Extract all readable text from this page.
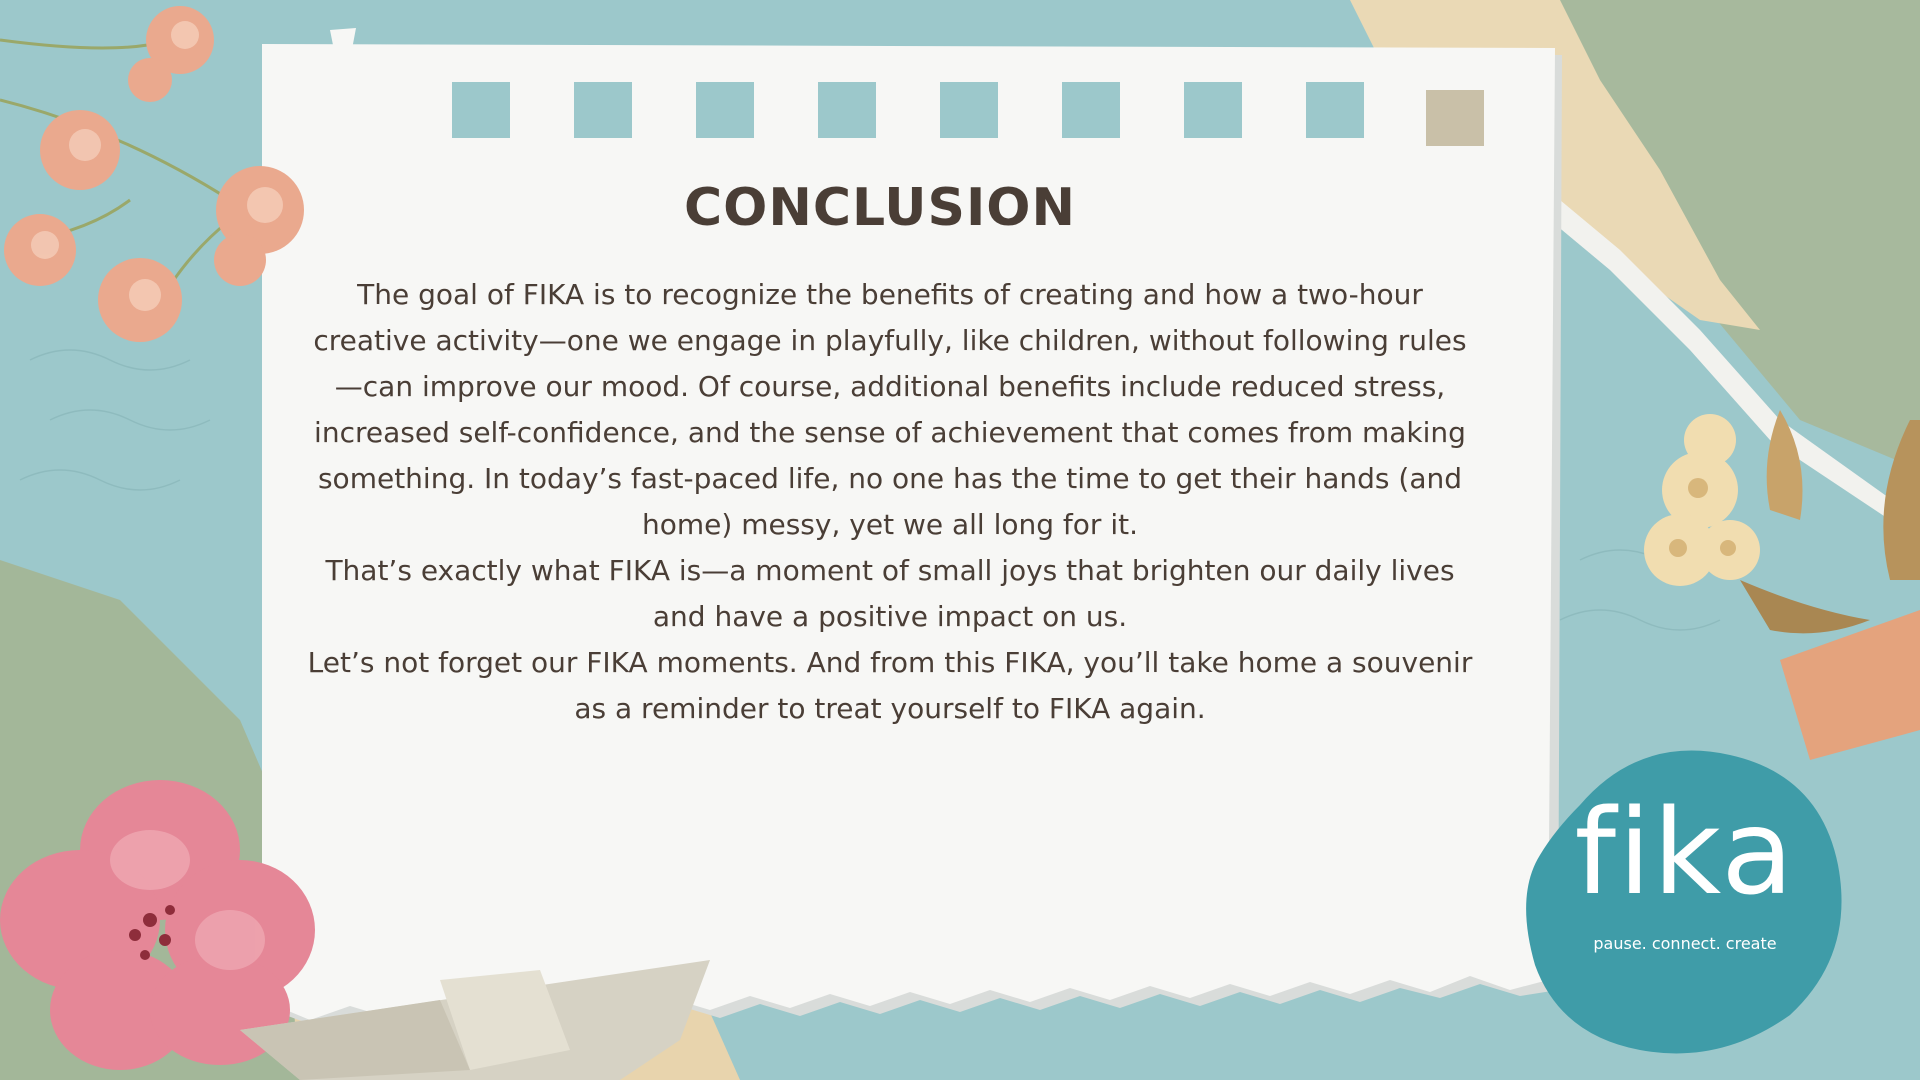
CONCLUSION

The goal of FIKA is to recognize the benefits of creating and how a two-hour creative activity—one we engage in playfully, like children, without following rules—can improve our mood. Of course, additional benefits include reduced stress, increased self-confidence, and the sense of achievement that comes from making something. In today’s fast-paced life, no one has the time to get their hands (and home) messy, yet we all long for it.

That’s exactly what FIKA is—a moment of small joys that brighten our daily lives and have a positive impact on us.

Let’s not forget our FIKA moments. And from this FIKA, you’ll take home a souvenir as a reminder to treat yourself to FIKA again.

fika
pause. connect. create
